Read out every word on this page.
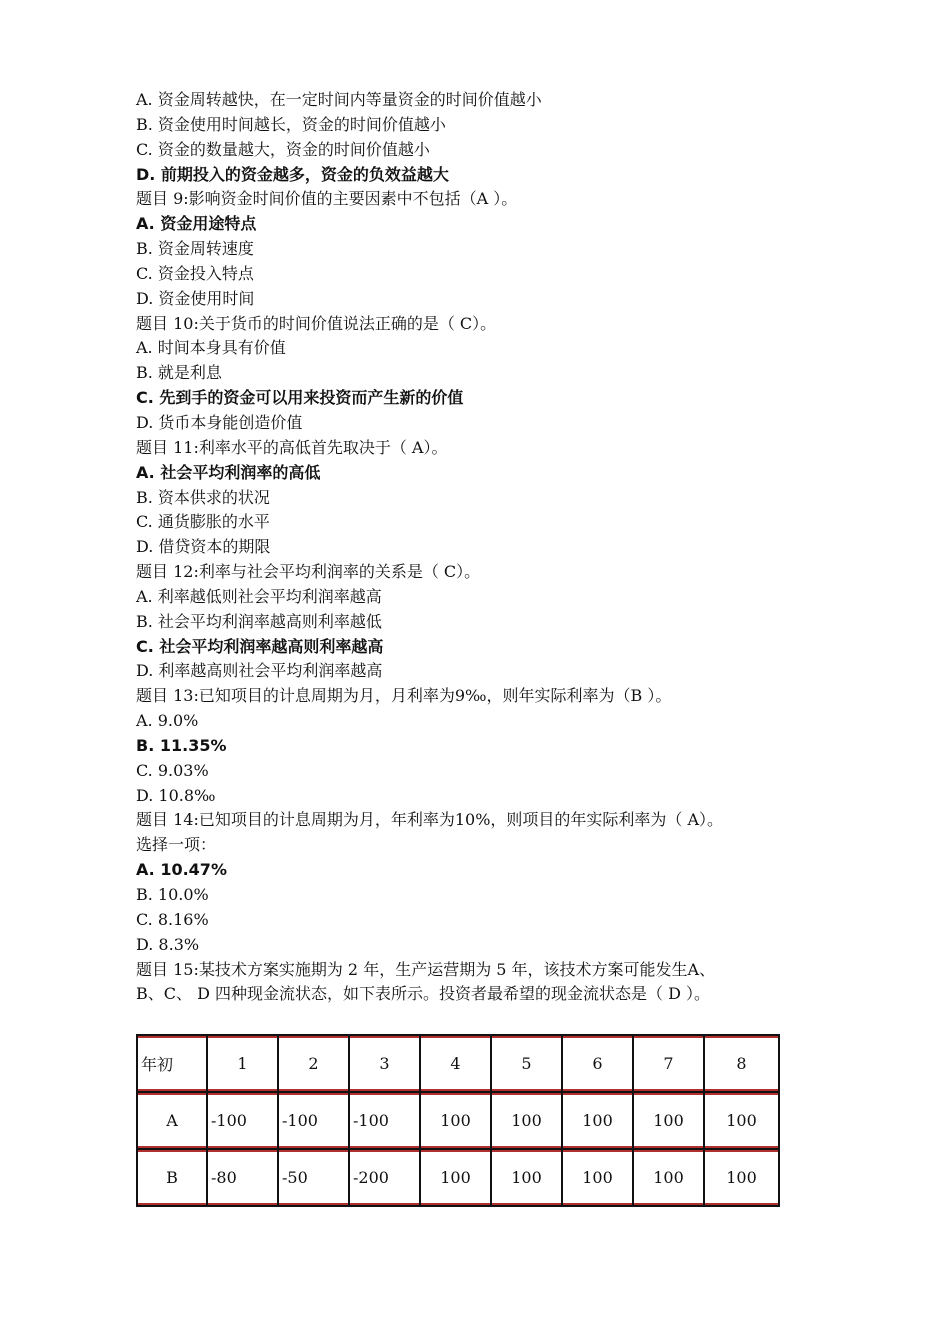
A. 资金周转越快，在一定时间内等量资金的时间价值越小
B. 资金使用时间越长，资金的时间价值越小
C. 资金的数量越大，资金的时间价值越小
D. 前期投入的资金越多，资金的负效益越大
题目 9:影响资金时间价值的主要因素中不包括（A ）。
A. 资金用途特点
B. 资金周转速度
C. 资金投入特点
D. 资金使用时间
题目 10:关于货币的时间价值说法正确的是（ C）。
A. 时间本身具有价值
B. 就是利息
C. 先到手的资金可以用来投资而产生新的价值
D. 货币本身能创造价值
题目 11:利率水平的高低首先取决于（ A）。
A. 社会平均利润率的高低
B. 资本供求的状况
C. 通货膨胀的水平
D. 借贷资本的期限
题目 12:利率与社会平均利润率的关系是（ C）。
A. 利率越低则社会平均利润率越高
B. 社会平均利润率越高则利率越低
C. 社会平均利润率越高则利率越高
D. 利率越高则社会平均利润率越高
题目 13:已知项目的计息周期为月，月利率为9‰，则年实际利率为（B ）。
A. 9.0%
B. 11.35%
C. 9.03%
D. 10.8‰
题目 14:已知项目的计息周期为月，年利率为10%，则项目的年实际利率为（ A）。
选择一项：
A. 10.47%
B. 10.0%
C. 8.16%
D. 8.3%
题目 15:某技术方案实施期为 2 年，生产运营期为 5 年，该技术方案可能发生A、
B、C、 D 四种现金流状态，如下表所示。投资者最希望的现金流状态是（ D ）。
年初	1	2	3	4	5	6	7	8
A	-100	-100	-100	100	100	100	100	100
B	-80	-50	-200	100	100	100	100	100
